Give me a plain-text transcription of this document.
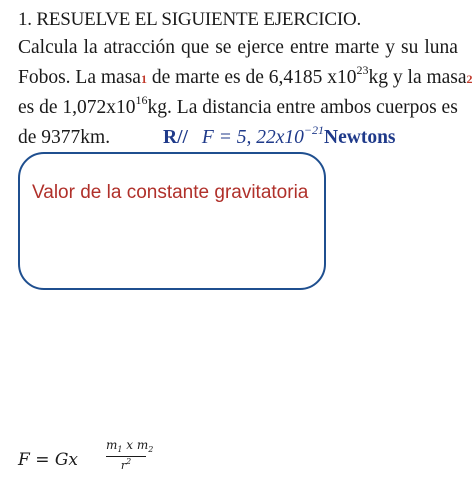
1. RESUELVE EL SIGUIENTE EJERCICIO.
Calcula la atracción que se ejerce entre marte y su luna
Fobos. La masa1 de marte es de 6,4185 $x10^{23}kg$ y la masa2
es de $1,072x10^{16}kg$. La distancia entre ambos cuerpos es
de 9377km.	R// F = 5, $22x10^{-21}Newtons$
Valor de la constante gravitatoria
F = Gx
$m_1$ x $m_2$
$r^2$
